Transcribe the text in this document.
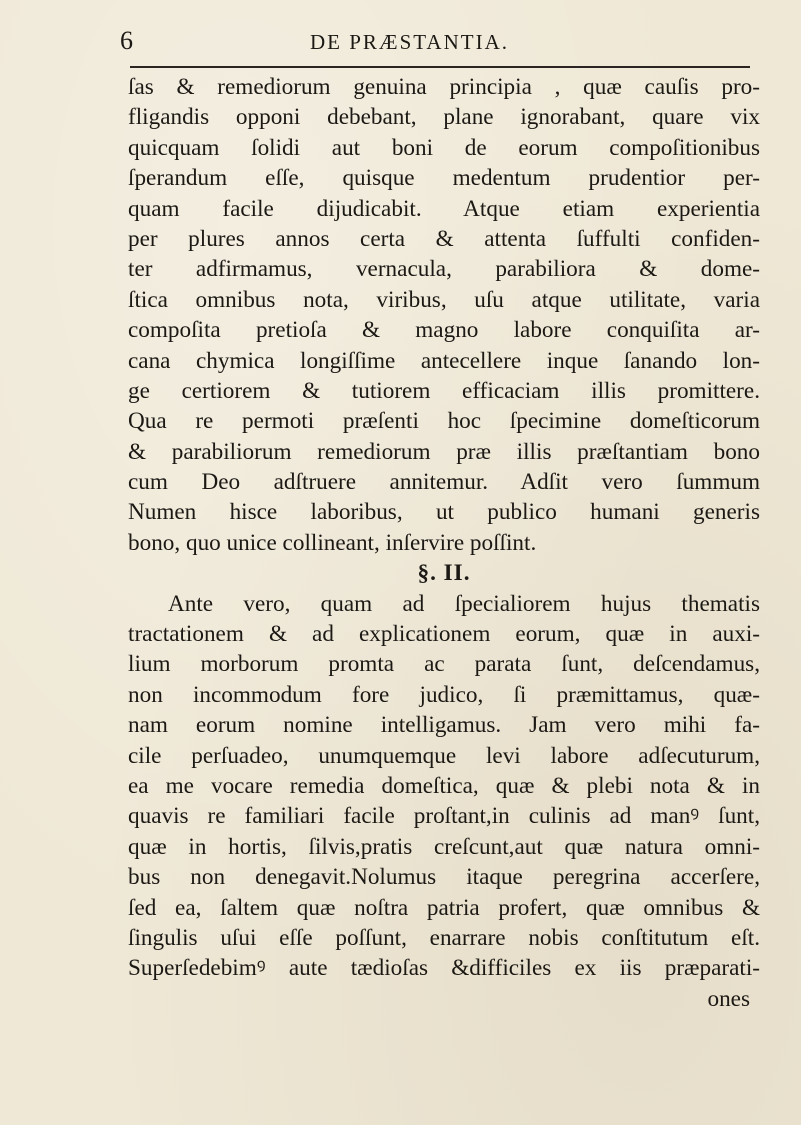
6	DE PRÆSTANTIA.
ſas & remediorum genuina principia , quæ cauſis pro-
fligandis opponi debebant, plane ignorabant, quare vix
quicquam ſolidi aut boni de eorum compoſitionibus
ſperandum eſſe, quisque medentum prudentior per-
quam facile dijudicabit. Atque etiam experientia
per plures annos certa & attenta ſuffulti confiden-
ter adfirmamus, vernacula, parabiliora & dome-
ſtica omnibus nota, viribus, uſu atque utilitate, varia
compoſita pretioſa & magno labore conquiſita ar-
cana chymica longiſſime antecellere inque ſanando lon-
ge certiorem & tutiorem efficaciam illis promittere.
Qua re permoti præſenti hoc ſpecimine domeſticorum
& parabiliorum remediorum præ illis præſtantiam bono
cum Deo adſtruere annitemur. Adſit vero ſummum
Numen hisce laboribus, ut publico humani generis
bono, quo unice collineant, inſervire poſſint.
§. II.
Ante vero, quam ad ſpecialiorem hujus thematis
tractationem & ad explicationem eorum, quæ in auxi-
lium morborum promta ac parata ſunt, deſcendamus,
non incommodum fore judico, ſi præmittamus, quæ-
nam eorum nomine intelligamus. Jam vero mihi fa-
cile perſuadeo, unumquemque levi labore adſecuturum,
ea me vocare remedia domeſtica, quæ & plebi nota & in
quavis re familiari facile proſtant,in culinis ad manꝰ ſunt,
quæ in hortis, ſilvis,pratis creſcunt,aut quæ natura omni-
bus non denegavit.Nolumus itaque peregrina accerſere,
ſed ea, ſaltem quæ noſtra patria profert, quæ omnibus &
ſingulis uſui eſſe poſſunt, enarrare nobis conſtitutum eſt.
Superſedebimꝰ aute tædioſas &difficiles ex iis præparati-
ones
